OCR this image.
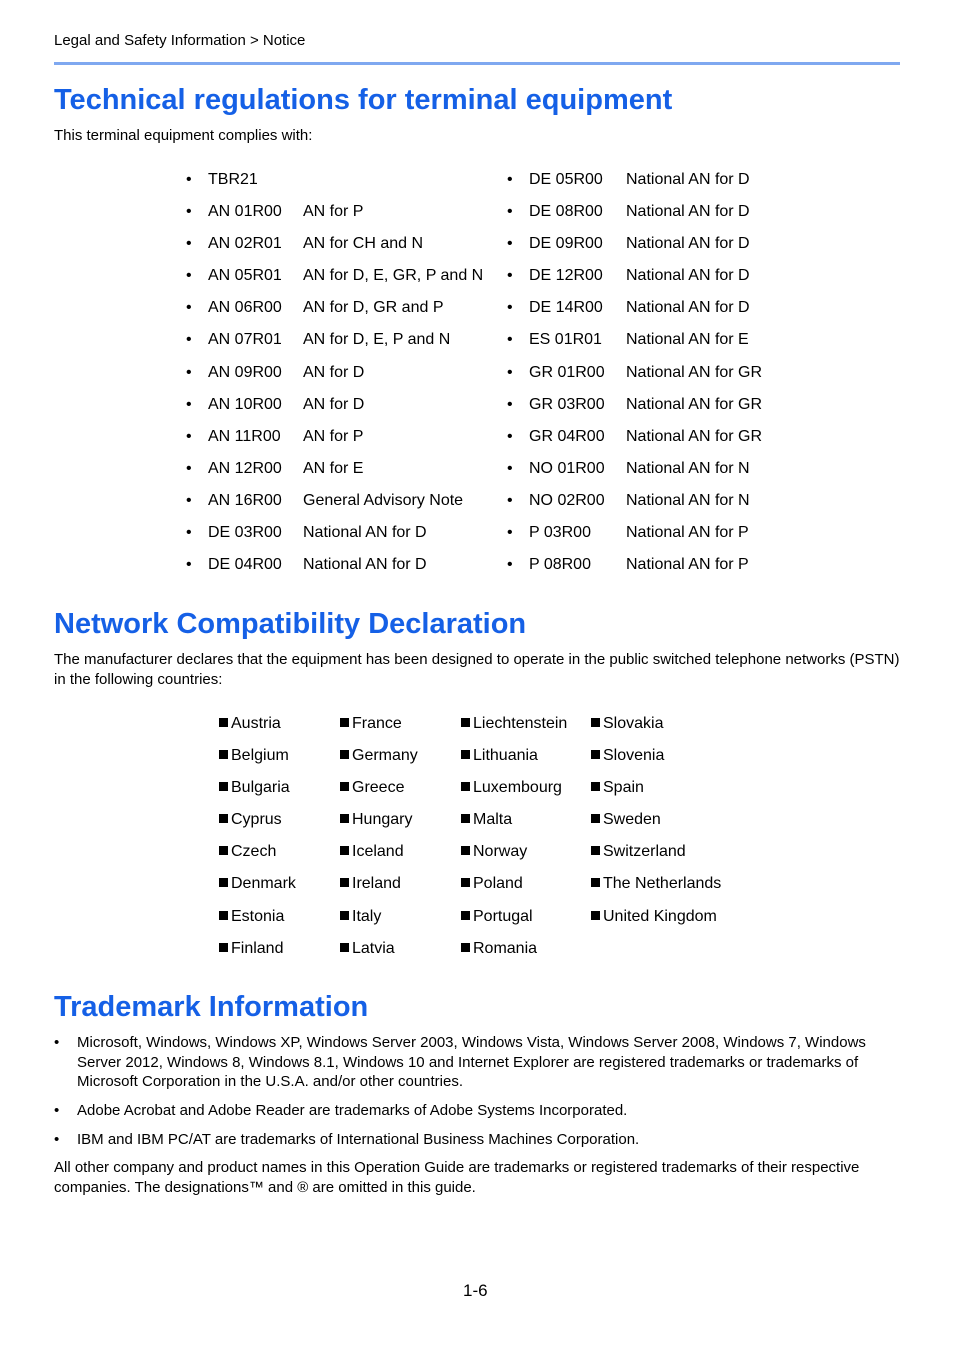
Legal and Safety Information > Notice
Technical regulations for terminal equipment

This terminal equipment complies with:

• TBR21
• AN 01R00 AN for P
• AN 02R01 AN for CH and N
• AN 05R01 AN for D, E, GR, P and N
• AN 06R00 AN for D, GR and P
• AN 07R01 AN for D, E, P and N
• AN 09R00 AN for D
• AN 10R00 AN for D
• AN 11R00 AN for P
• AN 12R00 AN for E
• AN 16R00 General Advisory Note
• DE 03R00 National AN for D
• DE 04R00 National AN for D
• DE 05R00 National AN for D
• DE 08R00 National AN for D
• DE 09R00 National AN for D
• DE 12R00 National AN for D
• DE 14R00 National AN for D
• ES 01R01 National AN for E
• GR 01R00 National AN for GR
• GR 03R00 National AN for GR
• GR 04R00 National AN for GR
• NO 01R00 National AN for N
• NO 02R00 National AN for N
• P 03R00 National AN for P
• P 08R00 National AN for P
Network Compatibility Declaration

The manufacturer declares that the equipment has been designed to operate in the public switched telephone networks (PSTN) in the following countries:

Austria
Belgium
Bulgaria
Cyprus
Czech
Denmark
Estonia
Finland
France
Germany
Greece
Hungary
Iceland
Ireland
Italy
Latvia
Liechtenstein
Lithuania
Luxembourg
Malta
Norway
Poland
Portugal
Romania
Slovakia
Slovenia
Spain
Sweden
Switzerland
The Netherlands
United Kingdom
Trademark Information
• Microsoft, Windows, Windows XP, Windows Server 2003, Windows Vista, Windows Server 2008, Windows 7, Windows Server 2012, Windows 8, Windows 8.1, Windows 10 and Internet Explorer are registered trademarks or trademarks of Microsoft Corporation in the U.S.A. and/or other countries.
• Adobe Acrobat and Adobe Reader are trademarks of Adobe Systems Incorporated.
• IBM and IBM PC/AT are trademarks of International Business Machines Corporation.

All other company and product names in this Operation Guide are trademarks or registered trademarks of their respective companies. The designations™ and ® are omitted in this guide.

1-6
